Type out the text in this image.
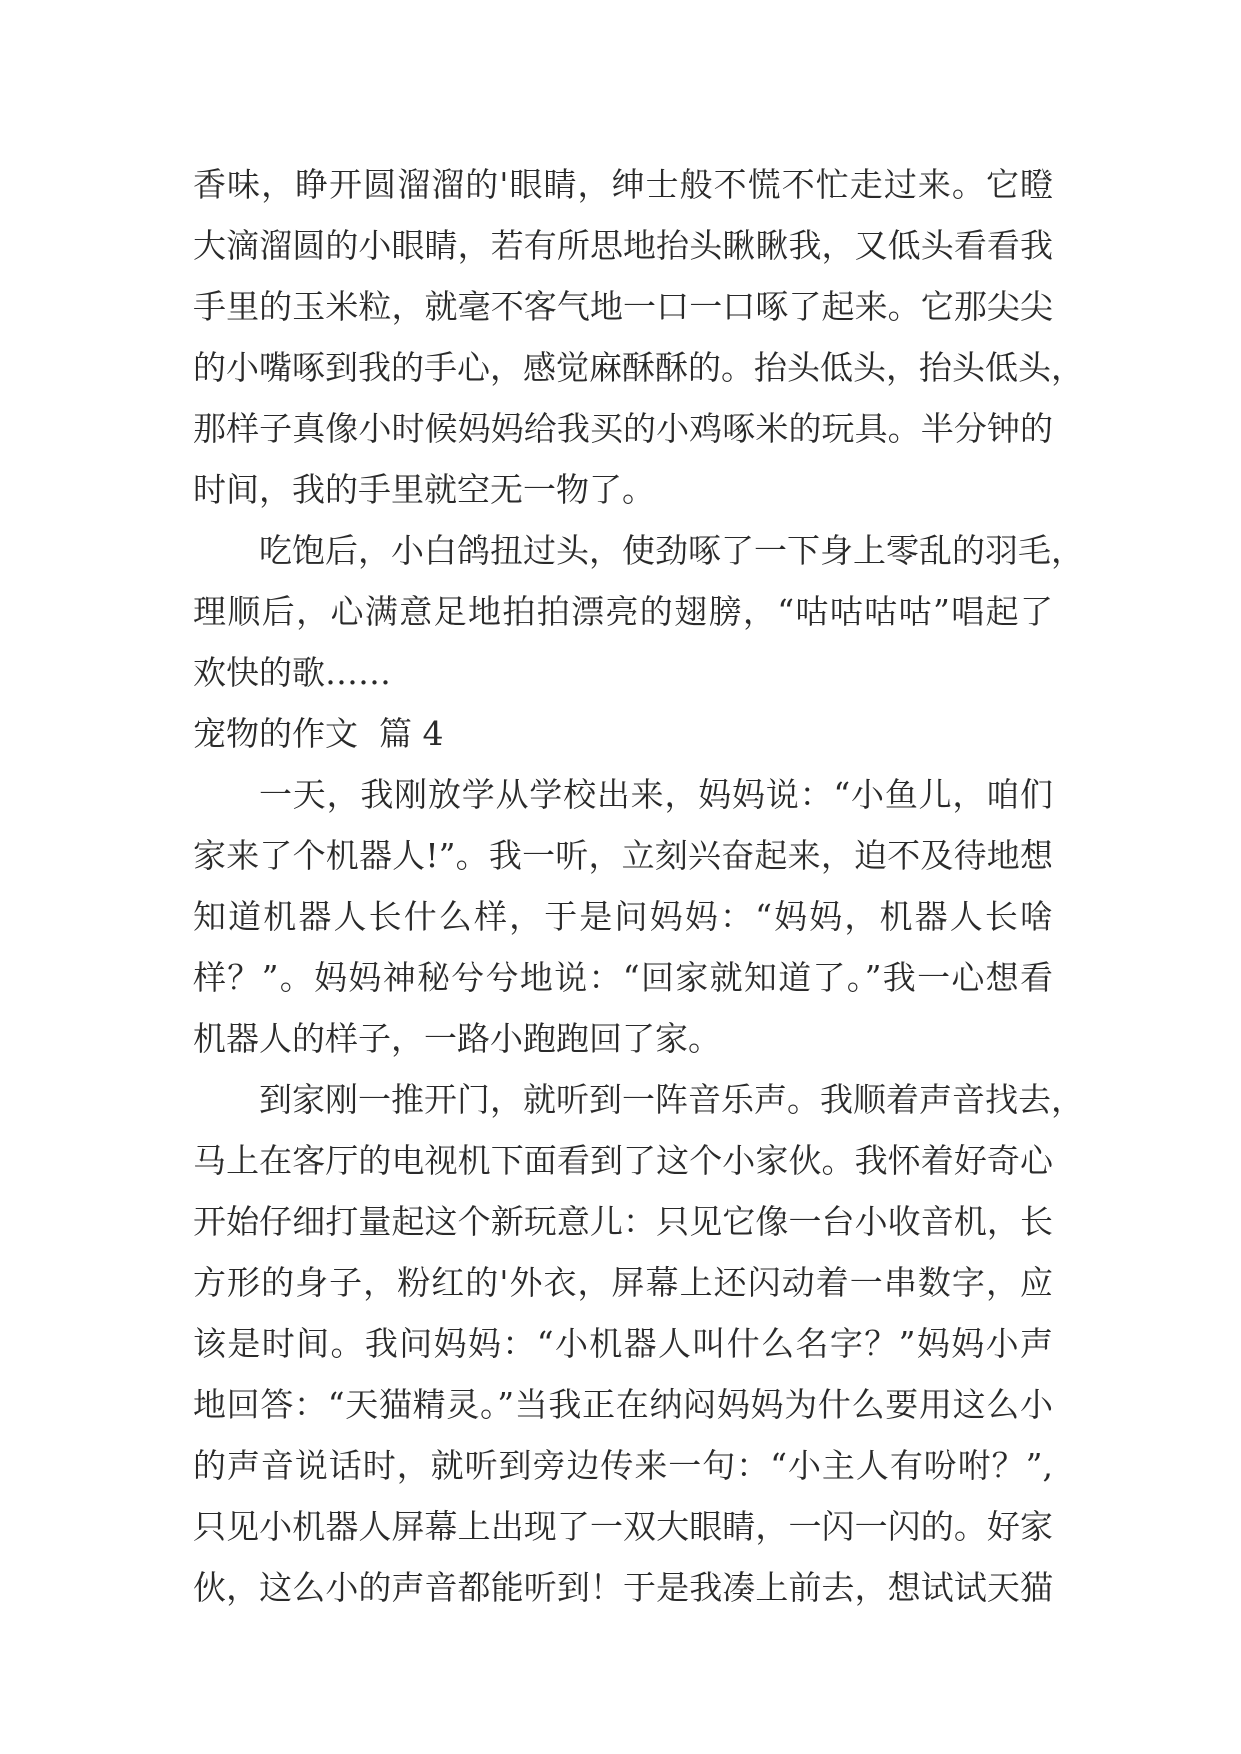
香味，睁开圆溜溜的'眼睛，绅士般不慌不忙走过来。它瞪
大滴溜圆的小眼睛，若有所思地抬头瞅瞅我，又低头看看我
手里的玉米粒，就毫不客气地一口一口啄了起来。它那尖尖
的小嘴啄到我的手心，感觉麻酥酥的。抬头低头，抬头低头，
那样子真像小时候妈妈给我买的小鸡啄米的玩具。半分钟的
时间，我的手里就空无一物了。
吃饱后，小白鸽扭过头，使劲啄了一下身上零乱的羽毛，
理顺后，心满意足地拍拍漂亮的翅膀，“咕咕咕咕”唱起了
欢快的歌……
宠物的作文  篇 4
一天，我刚放学从学校出来，妈妈说：“小鱼儿，咱们
家来了个机器人!”。我一听，立刻兴奋起来，迫不及待地想
知道机器人长什么样，于是问妈妈：“妈妈，机器人长啥
样？”。妈妈神秘兮兮地说：“回家就知道了。”我一心想看
机器人的样子，一路小跑跑回了家。
到家刚一推开门，就听到一阵音乐声。我顺着声音找去，
马上在客厅的电视机下面看到了这个小家伙。我怀着好奇心
开始仔细打量起这个新玩意儿：只见它像一台小收音机，长
方形的身子，粉红的'外衣，屏幕上还闪动着一串数字，应
该是时间。我问妈妈：“小机器人叫什么名字？”妈妈小声
地回答：“天猫精灵。”当我正在纳闷妈妈为什么要用这么小
的声音说话时，就听到旁边传来一句：“小主人有吩咐？”,
只见小机器人屏幕上出现了一双大眼睛，一闪一闪的。好家
伙，这么小的声音都能听到！于是我凑上前去，想试试天猫
